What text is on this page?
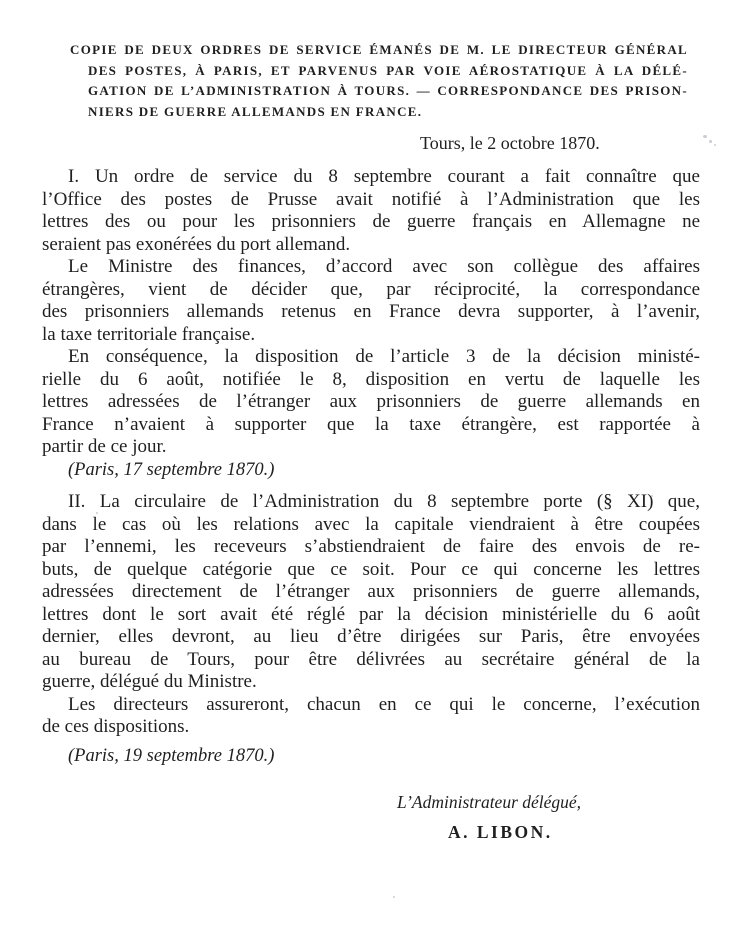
COPIE DE DEUX ORDRES DE SERVICE ÉMANÉS DE M. LE DIRECTEUR GÉNÉRAL
DES POSTES, À PARIS, ET PARVENUS PAR VOIE AÉROSTATIQUE À LA DÉLÉ-
GATION DE L’ADMINISTRATION À TOURS. — CORRESPONDANCE DES PRISON-
NIERS DE GUERRE ALLEMANDS EN FRANCE.
Tours, le 2 octobre 1870.
I. Un ordre de service du 8 septembre courant a fait connaître que
l’Office des postes de Prusse avait notifié à l’Administration que les
lettres des ou pour les prisonniers de guerre français en Allemagne ne
seraient pas exonérées du port allemand.
Le Ministre des finances, d’accord avec son collègue des affaires
étrangères, vient de décider que, par réciprocité, la correspondance
des prisonniers allemands retenus en France devra supporter, à l’avenir,
la taxe territoriale française.
En conséquence, la disposition de l’article 3 de la décision ministé-
rielle du 6 août, notifiée le 8, disposition en vertu de laquelle les
lettres adressées de l’étranger aux prisonniers de guerre allemands en
France n’avaient à supporter que la taxe étrangère, est rapportée à
partir de ce jour.
(Paris, 17 septembre 1870.)
II. La circulaire de l’Administration du 8 septembre porte (§ XI) que,
dans le cas où les relations avec la capitale viendraient à être coupées
par l’ennemi, les receveurs s’abstiendraient de faire des envois de re-
buts, de quelque catégorie que ce soit. Pour ce qui concerne les lettres
adressées directement de l’étranger aux prisonniers de guerre allemands,
lettres dont le sort avait été réglé par la décision ministérielle du 6 août
dernier, elles devront, au lieu d’être dirigées sur Paris, être envoyées
au bureau de Tours, pour être délivrées au secrétaire général de la
guerre, délégué du Ministre.
Les directeurs assureront, chacun en ce qui le concerne, l’exécution
de ces dispositions.
(Paris, 19 septembre 1870.)
L’Administrateur délégué,
A. LIBON.
